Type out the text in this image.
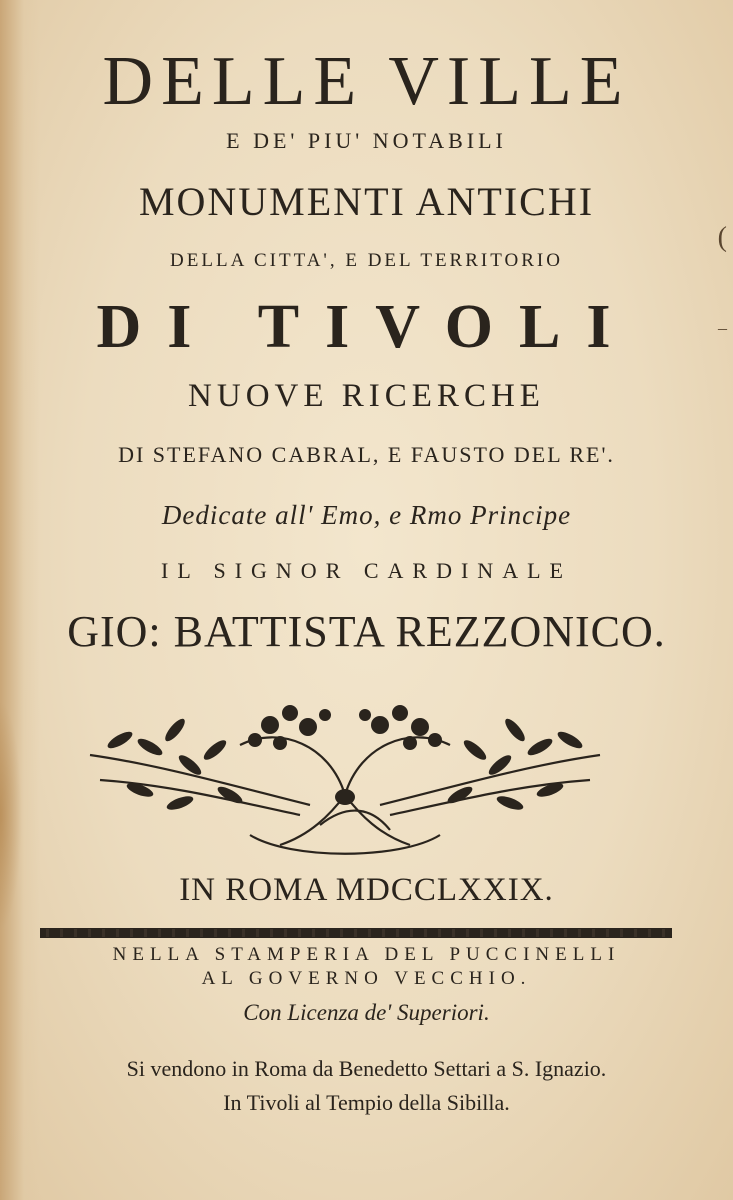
(
–
DELLE VILLE
E DE' PIU' NOTABILI
MONUMENTI ANTICHI
DELLA CITTA', E DEL TERRITORIO
DI TIVOLI
NUOVE RICERCHE
DI STEFANO CABRAL, E FAUSTO DEL RE'.
Dedicate all' Emo, e Rmo Principe
IL SIGNOR CARDINALE
GIO: BATTISTA REZZONICO.
IN ROMA MDCCLXXIX.
NELLA STAMPERIA DEL PUCCINELLI
AL GOVERNO VECCHIO.
Con Licenza de' Superiori.
Si vendono in Roma da Benedetto Settari a S. Ignazio.
In Tivoli al Tempio della Sibilla.
